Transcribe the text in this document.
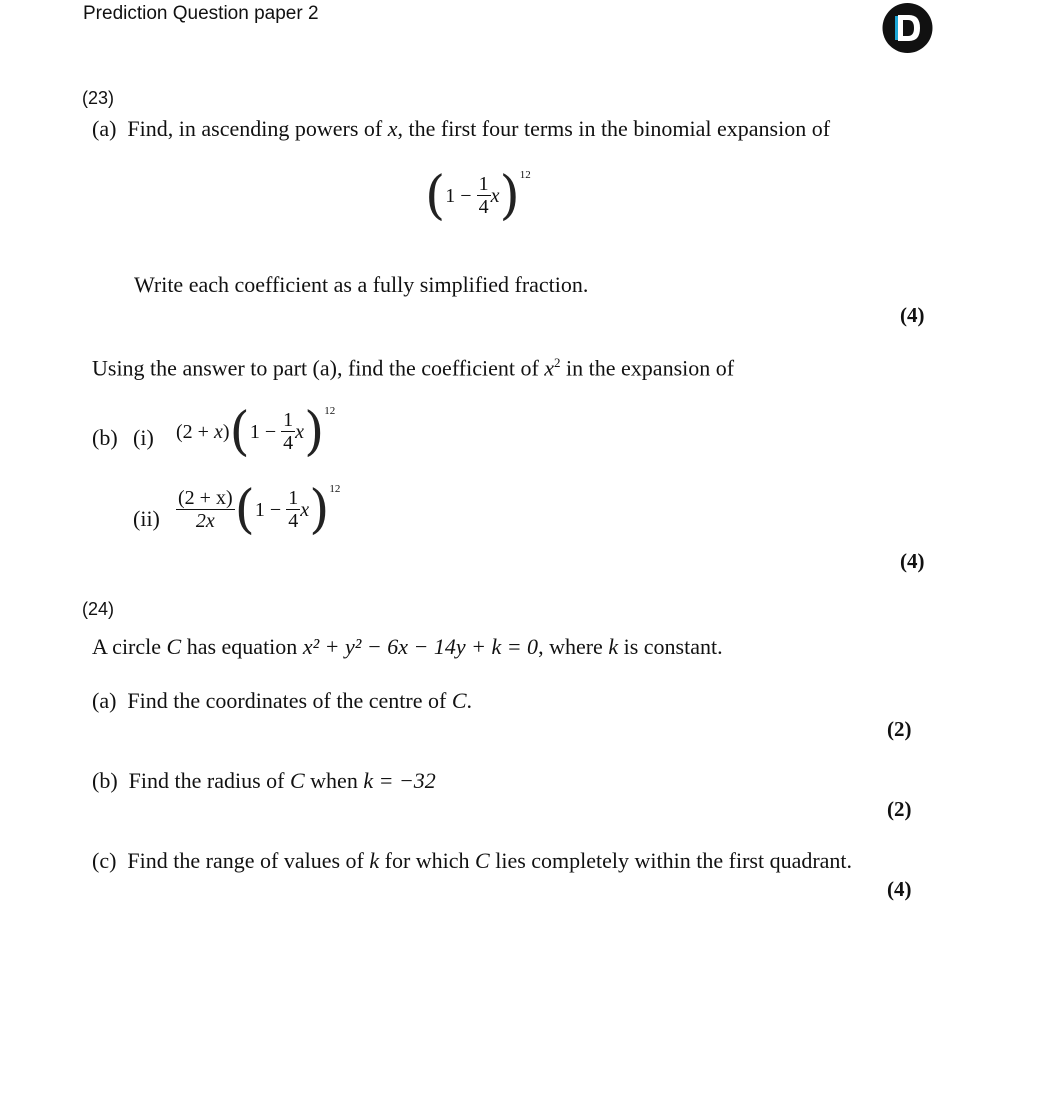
Prediction Question paper 2
(23)
(a) Find, in ascending powers of x, the first four terms in the binomial expansion of
$(1 - \frac{1}{4} x)^{12}$
Write each coefficient as a fully simplified fraction.
(4)
Using the answer to part (a), find the coefficient of $x^2$ in the expansion of
(b) (i) $(2 + x)(1 - \frac{1}{4} x)^{12}$
$(ii) \frac{(2 + x)}{2x} (1 - \frac{1}{4} x)^{12}$
(4)
(24)
A circle C has equation x² + y² − 6x − 14y + k = 0, where k is constant.
(a) Find the coordinates of the centre of C.
(2)
(b) Find the radius of C when k = −32
(2)
(c) Find the range of values of k for which C lies completely within the first quadrant.
(4)
